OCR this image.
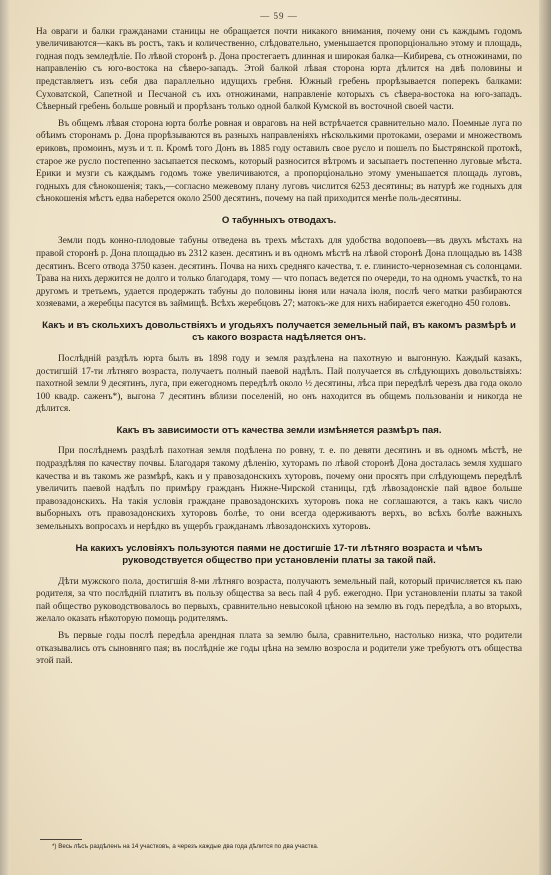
— 59 —

На овраги и балки гражданами станицы не обращается почти никакого внимания, почему они съ каждымъ годомъ увеличиваются—какъ въ ростъ, такъ и количественно, слѣдовательно, уменьшается пропорціонально этому и площадь, годная подъ земледѣліе. По лѣвой сторонѣ р. Дона простегаетъ длинная и широкая балка—Кибирева, съ отножинами, по направленію съ юго-востока на сѣверо-западъ. Этой балкой лѣвая сторона юрта дѣлится на двѣ половины и представляетъ изъ себя два параллельно идущихъ гребня. Южный гребень прорѣзывается поперекъ балками: Суховатской, Сапетной и Песчаной съ ихъ отножинами, направленіе которыхъ съ сѣвера-востока на юго-западъ. Сѣверный гребень больше ровный и прорѣзанъ только одной балкой Кумской въ восточной своей части.

Въ общемъ лѣвая сторона юрта болѣе ровная и овраговъ на ней встрѣчается сравнительно мало. Поемные луга по обѣимъ сторонамъ р. Дона прорѣзываются въ разныхъ направленіяхъ нѣсколькими протоками, озерами и множествомъ ериковъ, промоинъ, музъ и т. п. Кромѣ того Донъ въ 1885 году оставилъ свое русло и пошелъ по Быстрянской протокѣ, старое же русло постепенно засыпается пескомъ, который разносится вѣтромъ и засыпаетъ постепенно луговые мѣста. Ерики и музги съ каждымъ годомъ тоже увеличиваются, а пропорціонально этому уменьшается площадь луговъ, годныхъ для сѣнокошенія; такъ,—согласно межевому плану луговъ числится 6253 десятины; въ натурѣ же годныхъ для сѣнокошенія мѣстъ едва наберется около 2500 десятинъ, почему на пай приходится менѣе поль-десятины.

О табунныхъ отводахъ.

Земли подъ конно-плодовые табуны отведена въ трехъ мѣстахъ для удобства водопоевъ—въ двухъ мѣстахъ на правой сторонѣ р. Дона площадью въ 2312 казен. десятинъ и въ одномъ мѣстѣ на лѣвой сторонѣ Дона площадью въ 1438 десятинъ. Всего отвода 3750 казен. десятинъ. Почва на нихъ средняго качества, т. е. глинисто-черноземная съ солонцами. Трава на нихъ держится не долго и только благодаря, тому — что попасъ ведется по очереди, то на одномъ участкѣ, то на другомъ и третьемъ, удается продержать табуны до половины іюня или начала іюля, послѣ чего матки разбираются хозяевами, а жеребцы пасутся въ займищѣ. Всѣхъ жеребцовъ 27; матокъ-же для нихъ набирается ежегодно 450 головъ.

Какъ и въ скольхихъ довольствіяхъ и угодьяхъ получается земельный пай, въ какомъ размѣрѣ и съ какого возраста надѣляется онъ.

Послѣдній раздѣлъ юрта былъ въ 1898 году и земля раздѣлена на пахотную и выгонную. Каждый казакъ, достигшій 17-ти лѣтняго возраста, получаетъ полный паевой надѣлъ. Пай получается въ слѣдующихъ довольствіяхъ: пахотной земли 9 десятинъ, луга, при ежегодномъ передѣлѣ около ½ десятины, лѣса при передѣлѣ черезъ два года около 100 квадр. саженъ*), выгона 7 десятинъ вблизи поселеній, но онъ находится въ общемъ пользованіи и никогда не дѣлится.

Какъ въ зависимости отъ качества земли измѣняется размѣръ пая.

При послѣднемъ раздѣлѣ пахотная земля подѣлена по ровну, т. е. по девяти десятинъ и въ одномъ мѣстѣ, не подраздѣляя по качеству почвы. Благодаря такому дѣленію, хуторамъ по лѣвой сторонѣ Дона досталась земля худшаго качества и въ такомъ же размѣрѣ, какъ и у правозадонскихъ хуторовъ, почему они просятъ при слѣдующемъ передѣлѣ увеличить паевой надѣлъ по примѣру гражданъ Нижне-Чирской станицы, гдѣ лѣвозадонскіе пай вдвое больше правозадонскихъ. На такія условія граждане правозадонскихъ хуторовъ пока не соглашаются, а такъ какъ число выборныхъ отъ правозадонскихъ хуторовъ болѣе, то они всегда одерживаютъ верхъ, во всѣхъ болѣе важныхъ земельныхъ вопросахъ и нерѣдко въ ущербъ гражданамъ лѣвозадонскихъ хуторовъ.

На какихъ условіяхъ пользуются паями не достигшіе 17-ти лѣтняго возраста и чѣмъ руководствуется общество при установленіи платы за такой пай.

Дѣти мужского пола, достигшія 8-ми лѣтняго возраста, получаютъ земельный пай, который причисляется къ паю родителя, за что послѣдній платитъ въ пользу общества за весь пай 4 руб. ежегодно. При установленіи платы за такой пай общество руководствовалось во первыхъ, сравнительно невысокой цѣною на землю въ годъ передѣла, а во вторыхъ, желало оказать нѣкоторую помощь родителямъ.

Въ первые годы послѣ передѣла арендная плата за землю была, сравнительно, настолько низка, что родители отказывались отъ сыновняго пая; въ послѣдніе же годы цѣна на землю возросла и родители уже требуютъ отъ общества этой пай.

*) Весь лѣсъ раздѣленъ на 14 участковъ, а черезъ каждые два года дѣлится по два участка.
